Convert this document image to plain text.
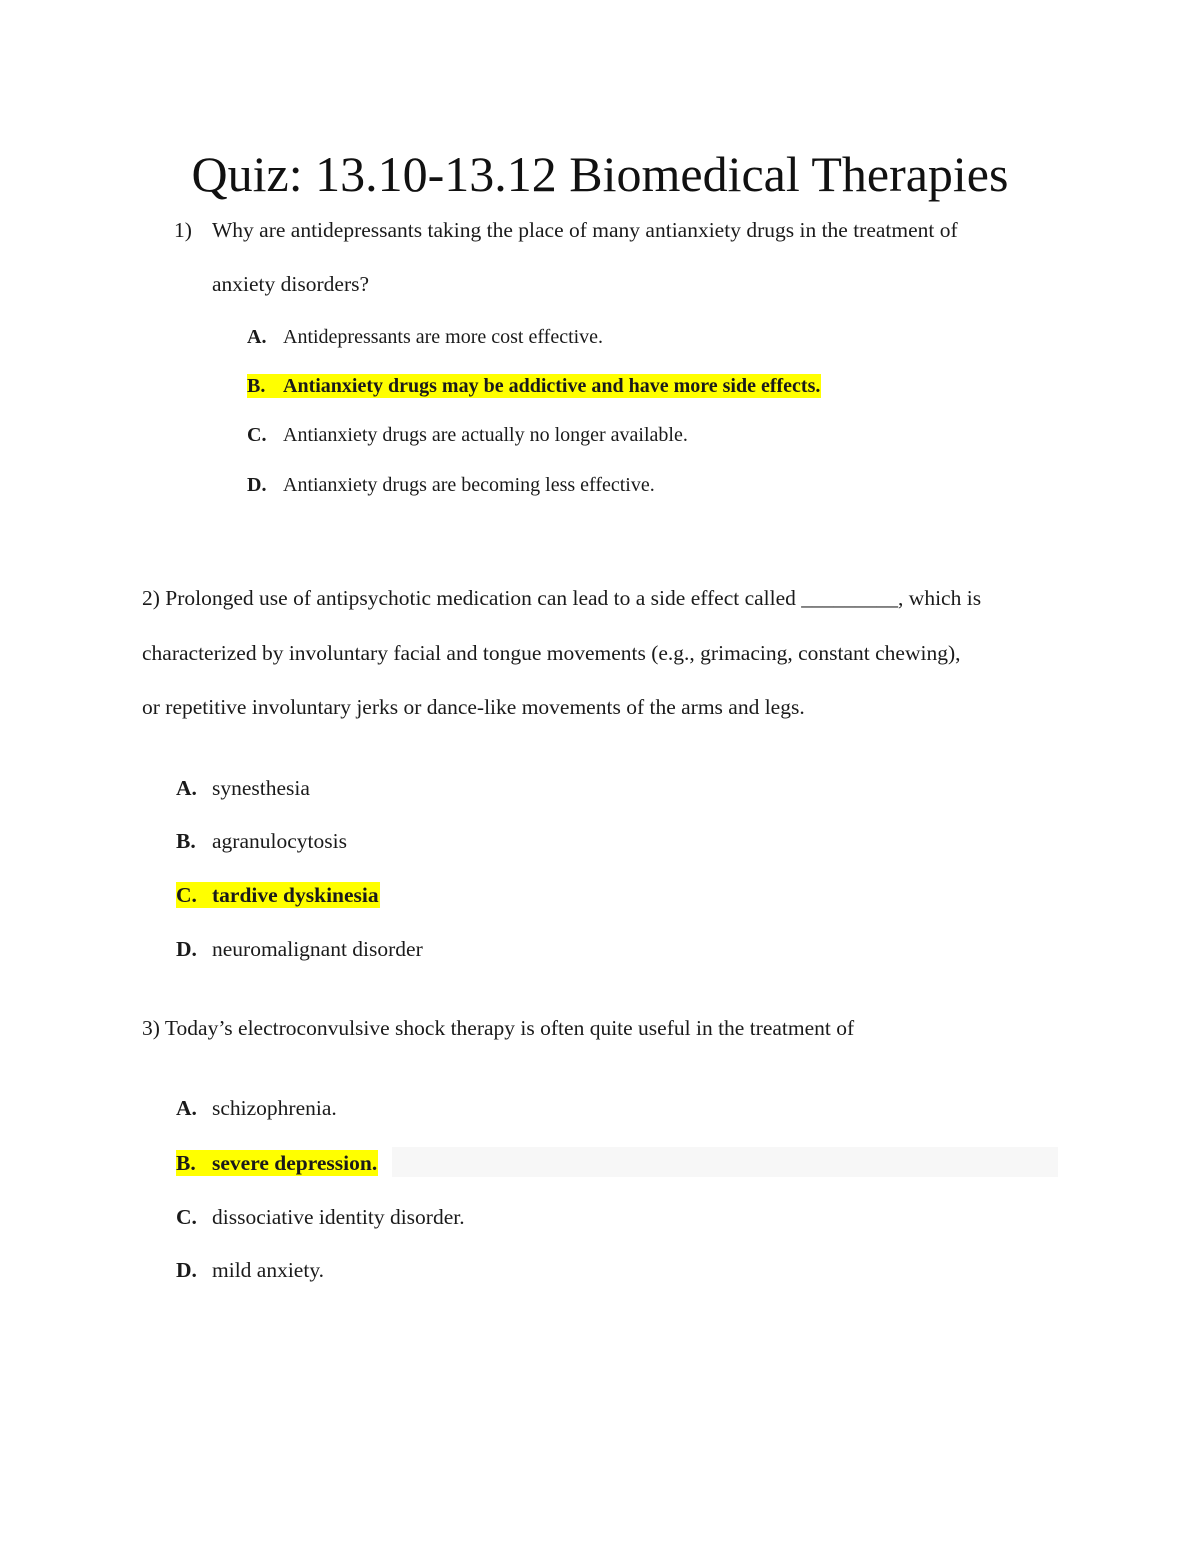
Quiz: 13.10-13.12 Biomedical Therapies
1) Why are antidepressants taking the place of many antianxiety drugs in the treatment of
anxiety disorders?
A. Antidepressants are more cost effective.
B. Antianxiety drugs may be addictive and have more side effects.
C. Antianxiety drugs are actually no longer available.
D. Antianxiety drugs are becoming less effective.
2) Prolonged use of antipsychotic medication can lead to a side effect called _________, which is
characterized by involuntary facial and tongue movements (e.g., grimacing, constant chewing),
or repetitive involuntary jerks or dance-like movements of the arms and legs.
A. synesthesia
B. agranulocytosis
C. tardive dyskinesia
D. neuromalignant disorder
3) Today’s electroconvulsive shock therapy is often quite useful in the treatment of
A. schizophrenia.
B. severe depression.
C. dissociative identity disorder.
D. mild anxiety.
